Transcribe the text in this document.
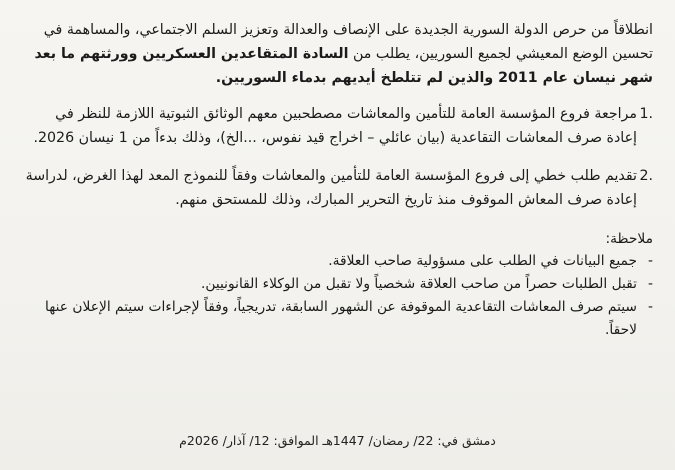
انطلاقاً من حرص الدولة السورية الجديدة على الإنصاف والعدالة وتعزيز السلم الاجتماعي، والمساهمة في تحسين الوضع المعيشي لجميع السوريين، يطلب من السادة المتقاعدين العسكريين وورثتهم ما بعد شهر نيسان عام 2011 والذين لم تتلطخ أيديهم بدماء السوريين.

.1
مراجعة فروع المؤسسة العامة للتأمين والمعاشات مصطحبين معهم الوثائق الثبوتية اللازمة للنظر في إعادة صرف المعاشات التقاعدية (بيان عائلي – اخراج قيد نفوس، ...الخ)، وذلك بدءاً من 1 نيسان 2026.
.2
تقديم طلب خطي إلى فروع المؤسسة العامة للتأمين والمعاشات وفقاً للنموذج المعد لهذا الغرض، لدراسة إعادة صرف المعاش الموقوف منذ تاريخ التحرير المبارك، وذلك للمستحق منهم.
ملاحظة:
-
جميع البيانات في الطلب على مسؤولية صاحب العلاقة.
-
تقبل الطلبات حصراً من صاحب العلاقة شخصياً ولا تقبل من الوكلاء القانونيين.
-
سيتم صرف المعاشات التقاعدية الموقوفة عن الشهور السابقة، تدريجياً، وفقاً لإجراءات سيتم الإعلان عنها لاحقاً.
دمشق في: 22/ رمضان/ 1447هـ الموافق: 12/ آذار/ 2026م
